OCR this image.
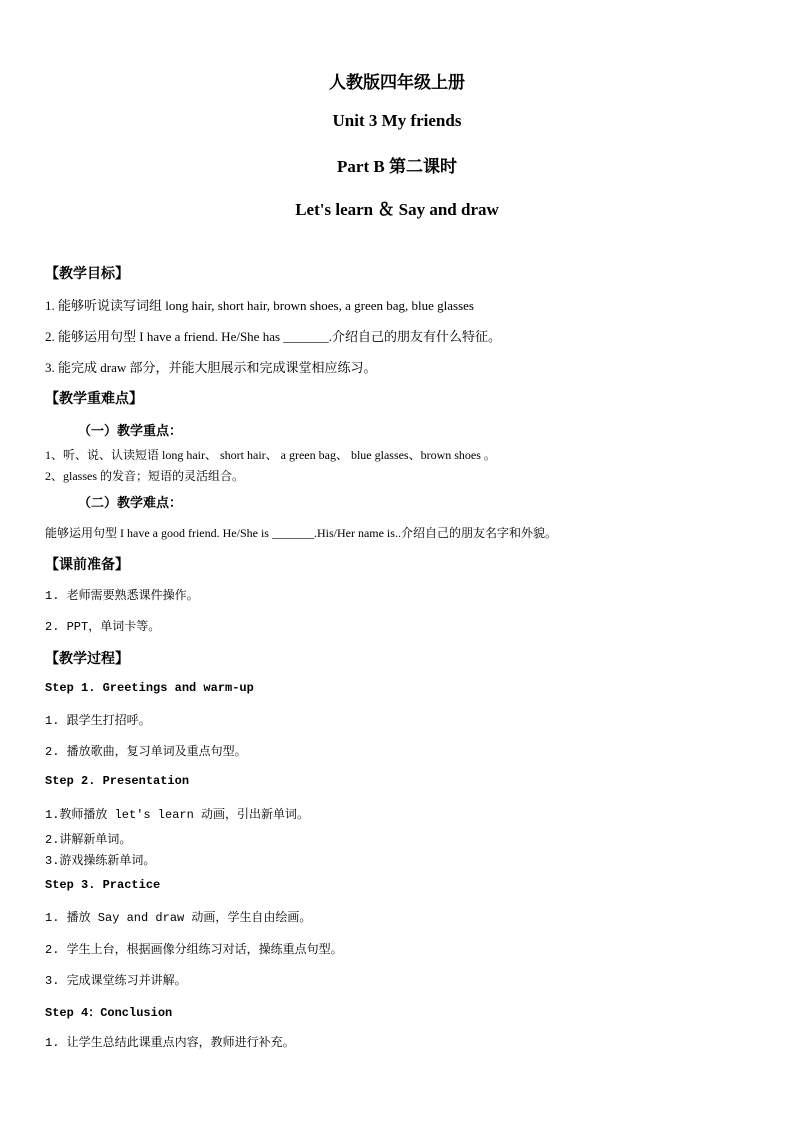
人教版四年级上册

Unit 3 My friends

Part B 第二课时

Let's learn ＆ Say and draw

【教学目标】

1. 能够听说读写词组 long hair, short hair, brown shoes, a green bag, blue glasses

2. 能够运用句型 I have a friend. He/She has _______.介绍自己的朋友有什么特征。

3. 能完成 draw 部分，并能大胆展示和完成课堂相应练习。

【教学重难点】

（一）教学重点：

1、听、说、认读短语 long hair、 short hair、 a green bag、 blue glasses、brown shoes 。

2、glasses 的发音；短语的灵活组合。

（二）教学难点：

能够运用句型 I have a good friend. He/She is _______.His/Her name is..介绍自己的朋友名字和外貌。

【课前准备】

1. 老师需要熟悉课件操作。

2. PPT，单词卡等。

【教学过程】

Step 1. Greetings and warm-up

1. 跟学生打招呼。

2. 播放歌曲，复习单词及重点句型。

Step 2. Presentation

1.教师播放 let's learn 动画，引出新单词。

2.讲解新单词。

3.游戏操练新单词。

Step 3. Practice

1. 播放 Say and draw 动画，学生自由绘画。

2. 学生上台，根据画像分组练习对话，操练重点句型。

3. 完成课堂练习并讲解。

Step 4：Conclusion

1. 让学生总结此课重点内容，教师进行补充。
